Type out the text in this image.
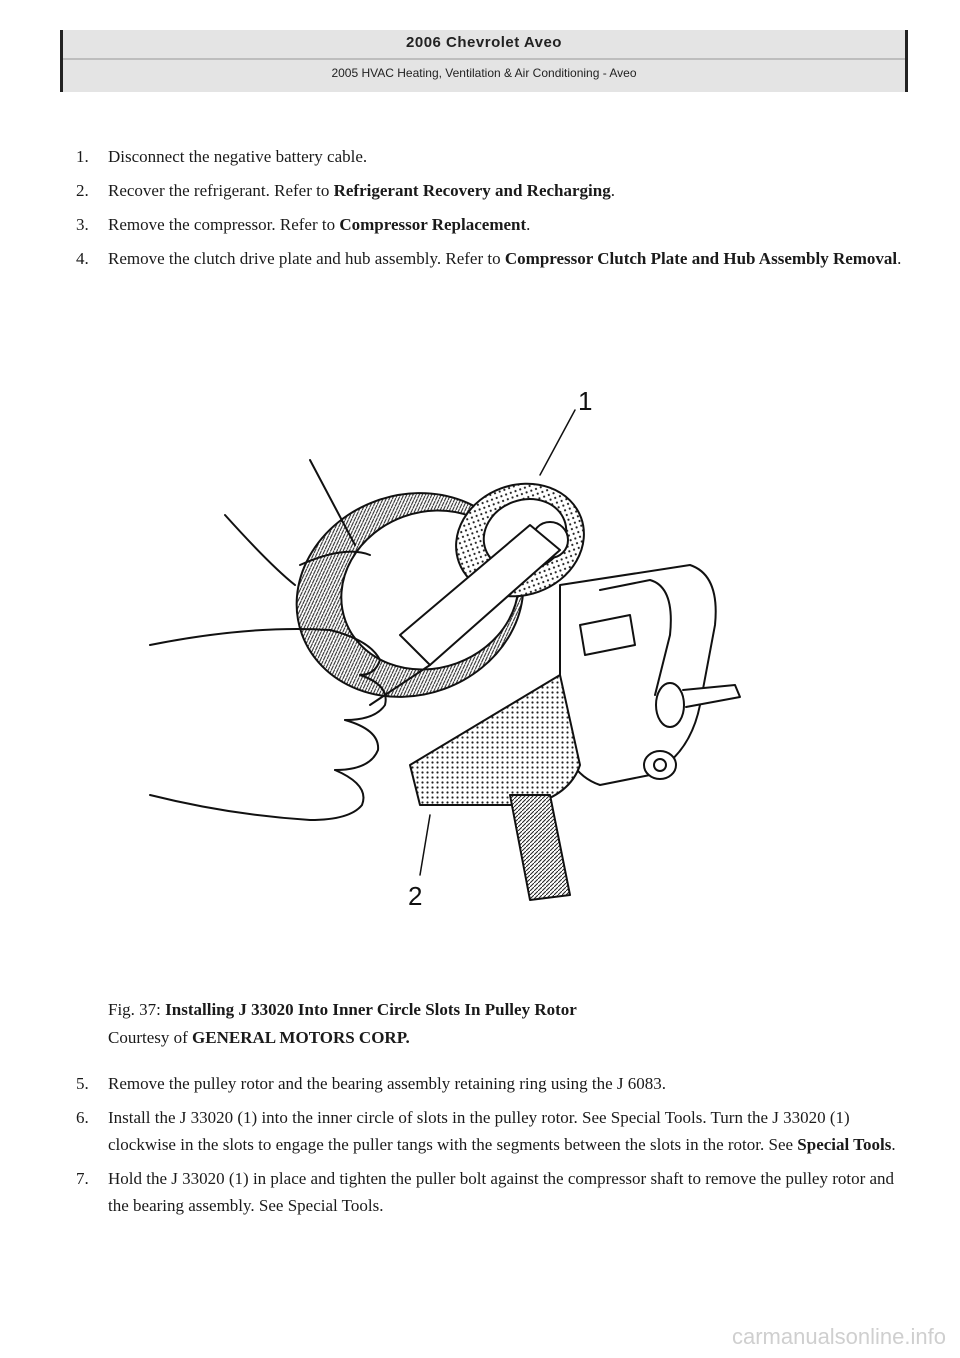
2006 Chevrolet Aveo
2005 HVAC Heating, Ventilation & Air Conditioning - Aveo
1. Disconnect the negative battery cable.
2. Recover the refrigerant. Refer to Refrigerant Recovery and Recharging.
3. Remove the compressor. Refer to Compressor Replacement.
4. Remove the clutch drive plate and hub assembly. Refer to Compressor Clutch Plate and Hub Assembly Removal.
1
2
Fig. 37: Installing J 33020 Into Inner Circle Slots In Pulley Rotor
Courtesy of GENERAL MOTORS CORP.
5. Remove the pulley rotor and the bearing assembly retaining ring using the J 6083.
6. Install the J 33020 (1) into the inner circle of slots in the pulley rotor. See Special Tools. Turn the J 33020 (1) clockwise in the slots to engage the puller tangs with the segments between the slots in the rotor. See Special Tools.
7. Hold the J 33020 (1) in place and tighten the puller bolt against the compressor shaft to remove the pulley rotor and the bearing assembly. See Special Tools.
carmanualsonline.info
